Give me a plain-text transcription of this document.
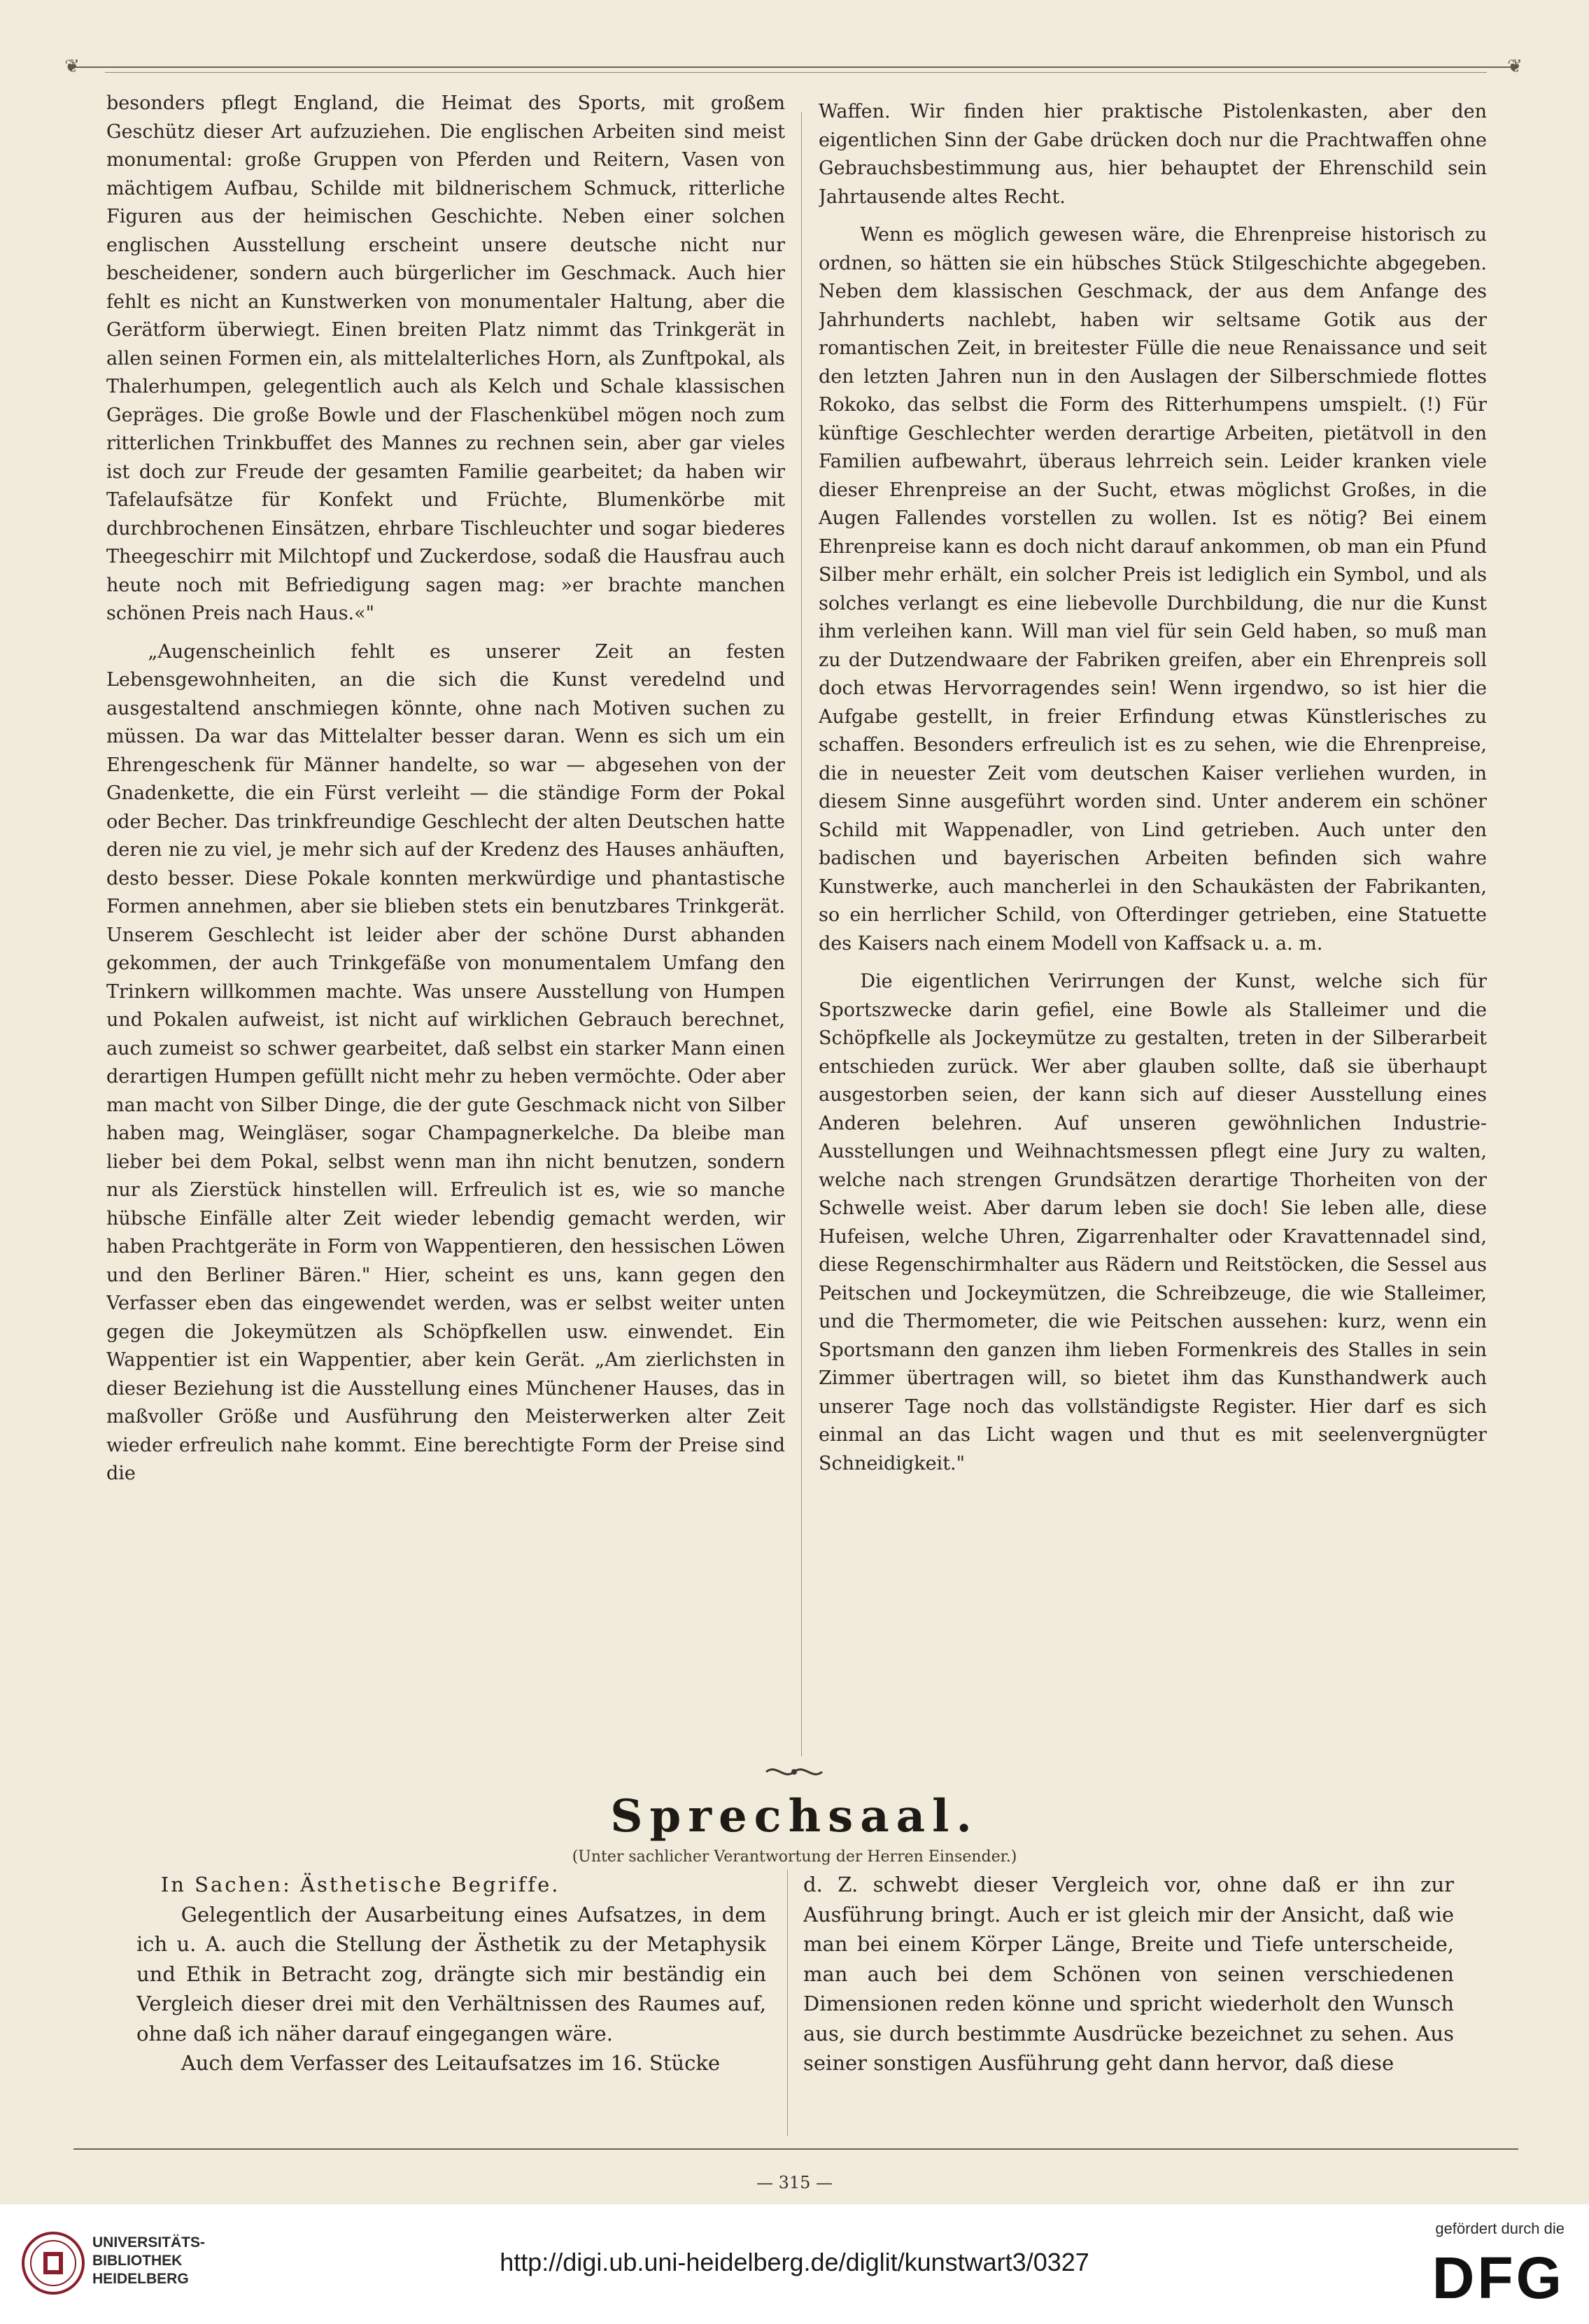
❦	❦

besonders pflegt England, die Heimat des Sports, mit großem Geschütz dieser Art aufzuziehen. Die englischen Arbeiten sind meist monumental: große Gruppen von Pferden und Reitern, Vasen von mächtigem Aufbau, Schilde mit bildnerischem Schmuck, ritterliche Figuren aus der heimischen Geschichte. Neben einer solchen englischen Ausstellung erscheint unsere deutsche nicht nur bescheidener, sondern auch bürgerlicher im Geschmack. Auch hier fehlt es nicht an Kunstwerken von monumentaler Haltung, aber die Gerätform überwiegt. Einen breiten Platz nimmt das Trinkgerät in allen seinen Formen ein, als mittelalterliches Horn, als Zunftpokal, als Thalerhumpen, gelegentlich auch als Kelch und Schale klassischen Gepräges. Die große Bowle und der Flaschenkübel mögen noch zum ritterlichen Trinkbuffet des Mannes zu rechnen sein, aber gar vieles ist doch zur Freude der gesamten Familie gearbeitet; da haben wir Tafelaufsätze für Konfekt und Früchte, Blumenkörbe mit durchbrochenen Einsätzen, ehrbare Tischleuchter und sogar biederes Theegeschirr mit Milchtopf und Zuckerdose, sodaß die Hausfrau auch heute noch mit Befriedigung sagen mag: »er brachte manchen schönen Preis nach Haus.«"

„Augenscheinlich fehlt es unserer Zeit an festen Lebensgewohnheiten, an die sich die Kunst veredelnd und ausgestaltend anschmiegen könnte, ohne nach Motiven suchen zu müssen. Da war das Mittelalter besser daran. Wenn es sich um ein Ehrengeschenk für Männer handelte, so war — abgesehen von der Gnadenkette, die ein Fürst verleiht — die ständige Form der Pokal oder Becher. Das trinkfreundige Geschlecht der alten Deutschen hatte deren nie zu viel, je mehr sich auf der Kredenz des Hauses anhäuften, desto besser. Diese Pokale konnten merkwürdige und phantastische Formen annehmen, aber sie blieben stets ein benutzbares Trinkgerät. Unserem Geschlecht ist leider aber der schöne Durst abhanden gekommen, der auch Trinkgefäße von monumentalem Umfang den Trinkern willkommen machte. Was unsere Ausstellung von Humpen und Pokalen aufweist, ist nicht auf wirklichen Gebrauch berechnet, auch zumeist so schwer gearbeitet, daß selbst ein starker Mann einen derartigen Humpen gefüllt nicht mehr zu heben vermöchte. Oder aber man macht von Silber Dinge, die der gute Geschmack nicht von Silber haben mag, Weingläser, sogar Champagnerkelche. Da bleibe man lieber bei dem Pokal, selbst wenn man ihn nicht benutzen, sondern nur als Zierstück hinstellen will. Erfreulich ist es, wie so manche hübsche Einfälle alter Zeit wieder lebendig gemacht werden, wir haben Prachtgeräte in Form von Wappentieren, den hessischen Löwen und den Berliner Bären." Hier, scheint es uns, kann gegen den Verfasser eben das eingewendet werden, was er selbst weiter unten gegen die Jokeymützen als Schöpfkellen usw. einwendet. Ein Wappentier ist ein Wappentier, aber kein Gerät. „Am zierlichsten in dieser Beziehung ist die Ausstellung eines Münchener Hauses, das in maßvoller Größe und Ausführung den Meisterwerken alter Zeit wieder erfreulich nahe kommt. Eine berechtigte Form der Preise sind die

Waffen. Wir finden hier praktische Pistolenkasten, aber den eigentlichen Sinn der Gabe drücken doch nur die Prachtwaffen ohne Gebrauchsbestimmung aus, hier behauptet der Ehrenschild sein Jahrtausende altes Recht.

Wenn es möglich gewesen wäre, die Ehrenpreise historisch zu ordnen, so hätten sie ein hübsches Stück Stilgeschichte abgegeben. Neben dem klassischen Geschmack, der aus dem Anfange des Jahrhunderts nachlebt, haben wir seltsame Gotik aus der romantischen Zeit, in breitester Fülle die neue Renaissance und seit den letzten Jahren nun in den Auslagen der Silberschmiede flottes Rokoko, das selbst die Form des Ritterhumpens umspielt. (!) Für künftige Geschlechter werden derartige Arbeiten, pietätvoll in den Familien aufbewahrt, überaus lehrreich sein. Leider kranken viele dieser Ehrenpreise an der Sucht, etwas möglichst Großes, in die Augen Fallendes vorstellen zu wollen. Ist es nötig? Bei einem Ehrenpreise kann es doch nicht darauf ankommen, ob man ein Pfund Silber mehr erhält, ein solcher Preis ist lediglich ein Symbol, und als solches verlangt es eine liebevolle Durchbildung, die nur die Kunst ihm verleihen kann. Will man viel für sein Geld haben, so muß man zu der Dutzendwaare der Fabriken greifen, aber ein Ehrenpreis soll doch etwas Hervorragendes sein! Wenn irgendwo, so ist hier die Aufgabe gestellt, in freier Erfindung etwas Künstlerisches zu schaffen. Besonders erfreulich ist es zu sehen, wie die Ehrenpreise, die in neuester Zeit vom deutschen Kaiser verliehen wurden, in diesem Sinne ausgeführt worden sind. Unter anderem ein schöner Schild mit Wappenadler, von Lind getrieben. Auch unter den badischen und bayerischen Arbeiten befinden sich wahre Kunstwerke, auch mancherlei in den Schaukästen der Fabrikanten, so ein herrlicher Schild, von Ofterdinger getrieben, eine Statuette des Kaisers nach einem Modell von Kaffsack u. a. m.

Die eigentlichen Verirrungen der Kunst, welche sich für Sportszwecke darin gefiel, eine Bowle als Stalleimer und die Schöpfkelle als Jockeymütze zu gestalten, treten in der Silberarbeit entschieden zurück. Wer aber glauben sollte, daß sie überhaupt ausgestorben seien, der kann sich auf dieser Ausstellung eines Anderen belehren. Auf unseren gewöhnlichen Industrie-Ausstellungen und Weihnachtsmessen pflegt eine Jury zu walten, welche nach strengen Grundsätzen derartige Thorheiten von der Schwelle weist. Aber darum leben sie doch! Sie leben alle, diese Hufeisen, welche Uhren, Zigarrenhalter oder Kravattennadel sind, diese Regenschirmhalter aus Rädern und Reitstöcken, die Sessel aus Peitschen und Jockeymützen, die Schreibzeuge, die wie Stalleimer, und die Thermometer, die wie Peitschen aussehen: kurz, wenn ein Sportsmann den ganzen ihm lieben Formenkreis des Stalles in sein Zimmer übertragen will, so bietet ihm das Kunsthandwerk auch unserer Tage noch das vollständigste Register. Hier darf es sich einmal an das Licht wagen und thut es mit seelenvergnügter Schneidigkeit."

Sprechsaal.
(Unter sachlicher Verantwortung der Herren Einsender.)

In Sachen: Ästhetische Begriffe.

Gelegentlich der Ausarbeitung eines Aufsatzes, in dem ich u. A. auch die Stellung der Ästhetik zu der Metaphysik und Ethik in Betracht zog, drängte sich mir beständig ein Vergleich dieser drei mit den Verhältnissen des Raumes auf, ohne daß ich näher darauf eingegangen wäre.

Auch dem Verfasser des Leitaufsatzes im 16. Stücke

d. Z. schwebt dieser Vergleich vor, ohne daß er ihn zur Ausführung bringt. Auch er ist gleich mir der Ansicht, daß wie man bei einem Körper Länge, Breite und Tiefe unterscheide, man auch bei dem Schönen von seinen verschiedenen Dimensionen reden könne und spricht wiederholt den Wunsch aus, sie durch bestimmte Ausdrücke bezeichnet zu sehen. Aus seiner sonstigen Ausführung geht dann hervor, daß diese

— 315 —
UNIVERSITÄTS-
BIBLIOTHEK
HEIDELBERG
http://digi.ub.uni-heidelberg.de/diglit/kunstwart3/0327
gefördert durch die
DFG
